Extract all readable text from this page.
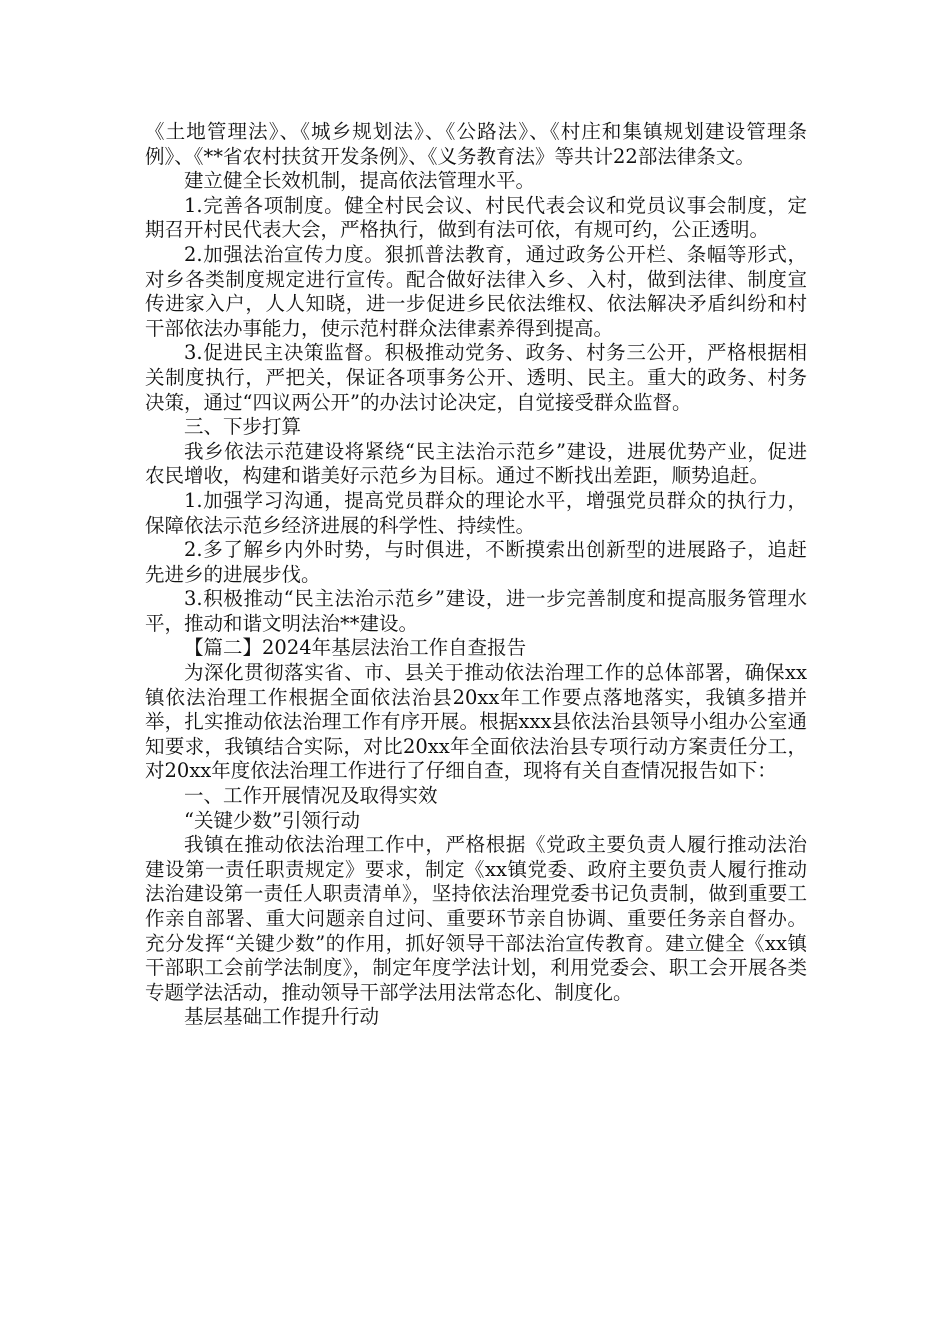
《土地管理法》、《城乡规划法》、《公路法》、《村庄和集镇规划建设管理条例》、《**省农村扶贫开发条例》、《义务教育法》等共计22部法律条文。

建立健全长效机制，提高依法管理水平。

1.完善各项制度。健全村民会议、村民代表会议和党员议事会制度，定期召开村民代表大会，严格执行，做到有法可依，有规可约，公正透明。

2.加强法治宣传力度。狠抓普法教育，通过政务公开栏、条幅等形式，对乡各类制度规定进行宣传。配合做好法律入乡、入村，做到法律、制度宣传进家入户，人人知晓，进一步促进乡民依法维权、依法解决矛盾纠纷和村干部依法办事能力，使示范村群众法律素养得到提高。

3.促进民主决策监督。积极推动党务、政务、村务三公开，严格根据相关制度执行，严把关，保证各项事务公开、透明、民主。重大的政务、村务决策，通过“四议两公开”的办法讨论决定，自觉接受群众监督。

三、下步打算

我乡依法示范建设将紧绕“民主法治示范乡”建设，进展优势产业，促进农民增收，构建和谐美好示范乡为目标。通过不断找出差距，顺势追赶。

1.加强学习沟通，提高党员群众的理论水平，增强党员群众的执行力，保障依法示范乡经济进展的科学性、持续性。

2.多了解乡内外时势，与时俱进，不断摸索出创新型的进展路子，追赶先进乡的进展步伐。

3.积极推动“民主法治示范乡”建设，进一步完善制度和提高服务管理水平，推动和谐文明法治**建设。

【篇二】2024年基层法治工作自查报告

为深化贯彻落实省、市、县关于推动依法治理工作的总体部署，确保xx镇依法治理工作根据全面依法治县20xx年工作要点落地落实，我镇多措并举，扎实推动依法治理工作有序开展。根据xxx县依法治县领导小组办公室通知要求，我镇结合实际，对比20xx年全面依法治县专项行动方案责任分工，对20xx年度依法治理工作进行了仔细自查，现将有关自查情况报告如下：

一、工作开展情况及取得实效

“关键少数”引领行动

我镇在推动依法治理工作中，严格根据《党政主要负责人履行推动法治建设第一责任职责规定》要求，制定《xx镇党委、政府主要负责人履行推动法治建设第一责任人职责清单》，坚持依法治理党委书记负责制，做到重要工作亲自部署、重大问题亲自过问、重要环节亲自协调、重要任务亲自督办。充分发挥“关键少数”的作用，抓好领导干部法治宣传教育。建立健全《xx镇干部职工会前学法制度》，制定年度学法计划，利用党委会、职工会开展各类专题学法活动，推动领导干部学法用法常态化、制度化。

基层基础工作提升行动
